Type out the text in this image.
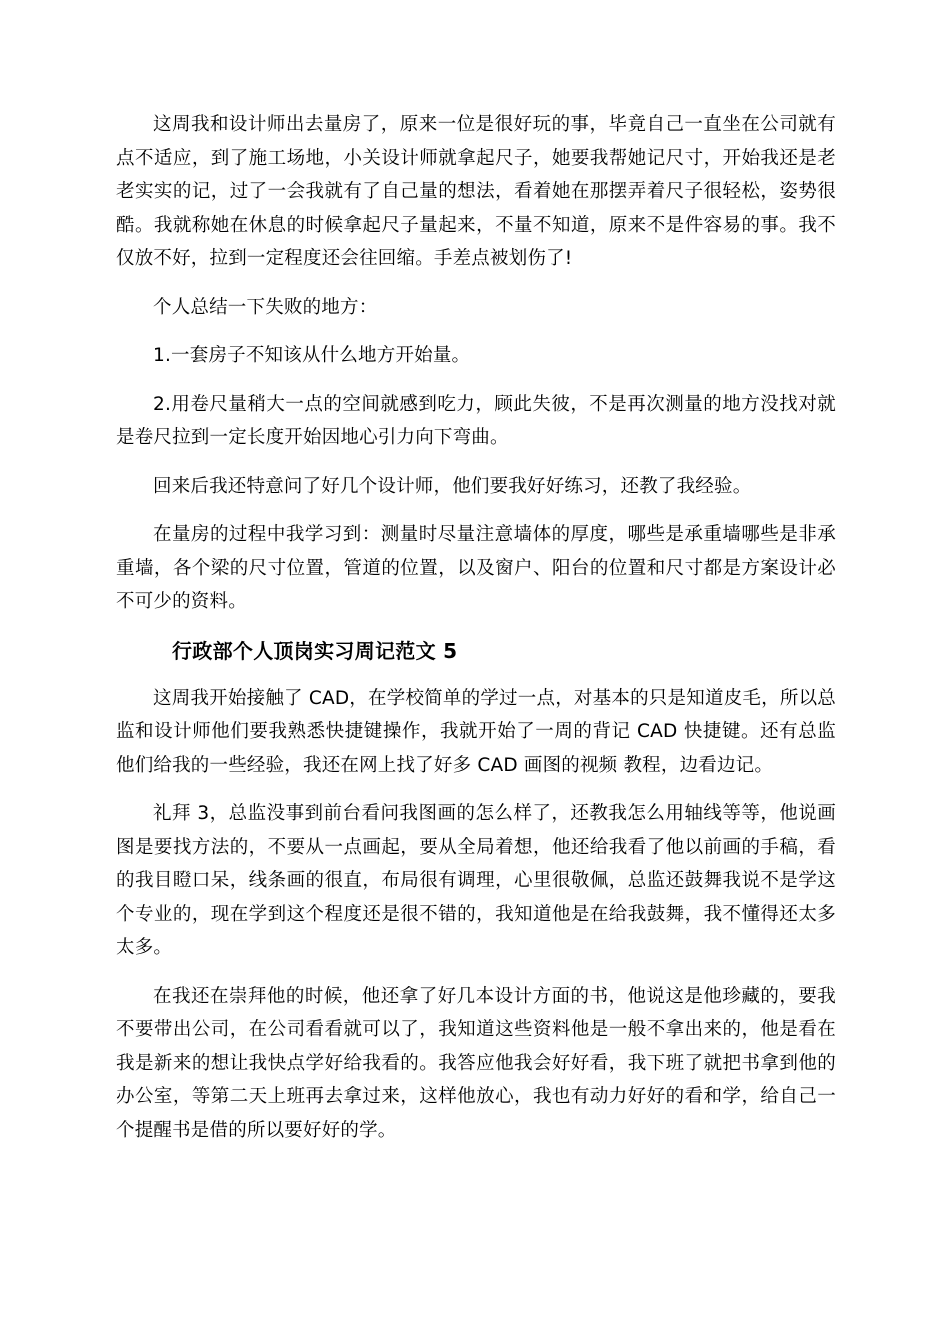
这周我和设计师出去量房了，原来一位是很好玩的事，毕竟自己一直坐在公司就有点不适应，到了施工场地，小关设计师就拿起尺子，她要我帮她记尺寸，开始我还是老老实实的记，过了一会我就有了自己量的想法，看着她在那摆弄着尺子很轻松，姿势很酷。我就称她在休息的时候拿起尺子量起来，不量不知道，原来不是件容易的事。我不仅放不好，拉到一定程度还会往回缩。手差点被划伤了!

个人总结一下失败的地方：

1.一套房子不知该从什么地方开始量。

2.用卷尺量稍大一点的空间就感到吃力，顾此失彼，不是再次测量的地方没找对就是卷尺拉到一定长度开始因地心引力向下弯曲。

回来后我还特意问了好几个设计师，他们要我好好练习，还教了我经验。

在量房的过程中我学习到：测量时尽量注意墙体的厚度，哪些是承重墙哪些是非承重墙，各个梁的尺寸位置，管道的位置，以及窗户、阳台的位置和尺寸都是方案设计必不可少的资料。

行政部个人顶岗实习周记范文 5

这周我开始接触了 CAD，在学校简单的学过一点，对基本的只是知道皮毛，所以总监和设计师他们要我熟悉快捷键操作，我就开始了一周的背记 CAD 快捷键。还有总监他们给我的一些经验，我还在网上找了好多 CAD 画图的视频 教程，边看边记。

礼拜 3，总监没事到前台看问我图画的怎么样了，还教我怎么用轴线等等，他说画图是要找方法的，不要从一点画起，要从全局着想，他还给我看了他以前画的手稿，看的我目瞪口呆，线条画的很直，布局很有调理，心里很敬佩，总监还鼓舞我说不是学这个专业的，现在学到这个程度还是很不错的，我知道他是在给我鼓舞，我不懂得还太多太多。

在我还在崇拜他的时候，他还拿了好几本设计方面的书，他说这是他珍藏的，要我不要带出公司，在公司看看就可以了，我知道这些资料他是一般不拿出来的，他是看在我是新来的想让我快点学好给我看的。我答应他我会好好看，我下班了就把书拿到他的办公室，等第二天上班再去拿过来，这样他放心，我也有动力好好的看和学，给自己一个提醒书是借的所以要好好的学。
